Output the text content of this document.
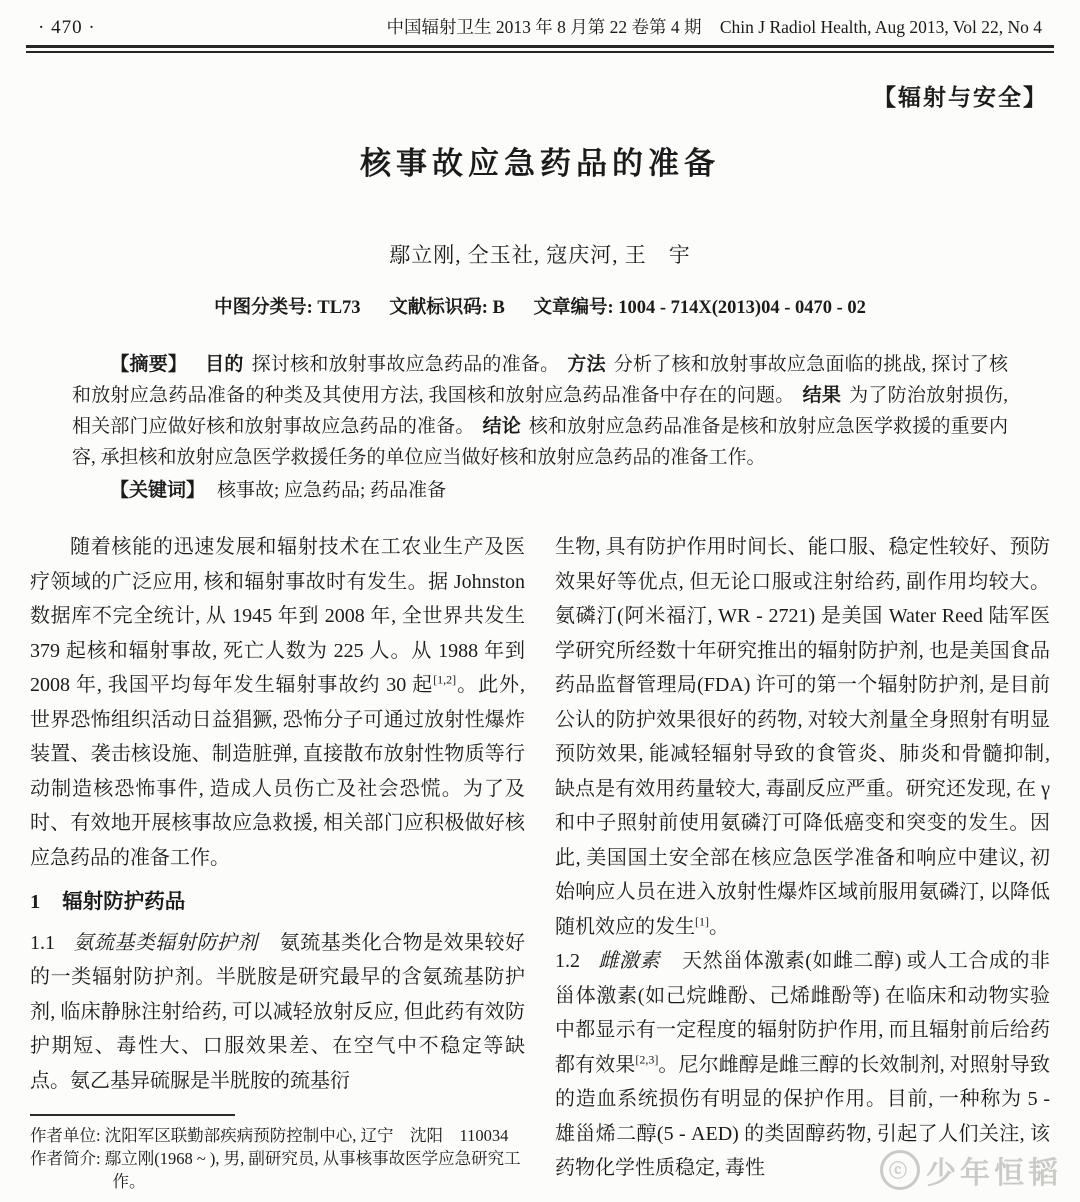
· 470 ·	中国辐射卫生 2013 年 8 月第 22 卷第 4 期 Chin J Radiol Health, Aug 2013, Vol 22, No 4
【辐射与安全】
核事故应急药品的准备
鄢立刚, 仝玉社, 寇庆河, 王　宇
中图分类号: TL73 文献标识码: B 文章编号: 1004 - 714X(2013)04 - 0470 - 02
  【摘要】 目的 探讨核和放射事故应急药品的准备。 方法 分析了核和放射事故应急面临的挑战, 探讨了核和放射应急药品准备的种类及其使用方法, 我国核和放射应急药品准备中存在的问题。 结果 为了防治放射损伤, 相关部门应做好核和放射事故应急药品的准备。 结论 核和放射应急药品准备是核和放射应急医学救援的重要内容, 承担核和放射应急医学救援任务的单位应当做好核和放射应急药品的准备工作。
【关键词】 核事故; 应急药品; 药品准备

随着核能的迅速发展和辐射技术在工农业生产及医疗领域的广泛应用, 核和辐射事故时有发生。据 Johnston 数据库不完全统计, 从 1945 年到 2008 年, 全世界共发生 379 起核和辐射事故, 死亡人数为 225 人。从 1988 年到 2008 年, 我国平均每年发生辐射事故约 30 起[1,2]。此外, 世界恐怖组织活动日益猖獗, 恐怖分子可通过放射性爆炸装置、袭击核设施、制造脏弹, 直接散布放射性物质等行动制造核恐怖事件, 造成人员伤亡及社会恐慌。为了及时、有效地开展核事故应急救援, 相关部门应积极做好核应急药品的准备工作。

1 辐射防护药品

1.1 氨巯基类辐射防护剂 氨巯基类化合物是效果较好的一类辐射防护剂。半胱胺是研究最早的含氨巯基防护剂, 临床静脉注射给药, 可以减轻放射反应, 但此药有效防护期短、毒性大、口服效果差、在空气中不稳定等缺点。氨乙基异硫脲是半胱胺的巯基衍

作者单位: 沈阳军区联勤部疾病预防控制中心, 辽宁　沈阳　110034
作者简介: 鄢立刚(1968 ~ ), 男, 副研究员, 从事核事故医学应急研究工作。

生物, 具有防护作用时间长、能口服、稳定性较好、预防效果好等优点, 但无论口服或注射给药, 副作用均较大。氨磷汀(阿米福汀, WR - 2721) 是美国 Water Reed 陆军医学研究所经数十年研究推出的辐射防护剂, 也是美国食品药品监督管理局(FDA) 许可的第一个辐射防护剂, 是目前公认的防护效果很好的药物, 对较大剂量全身照射有明显预防效果, 能减轻辐射导致的食管炎、肺炎和骨髓抑制, 缺点是有效用药量较大, 毒副反应严重。研究还发现, 在 γ 和中子照射前使用氨磷汀可降低癌变和突变的发生。因此, 美国国土安全部在核应急医学准备和响应中建议, 初始响应人员在进入放射性爆炸区域前服用氨磷汀, 以降低随机效应的发生[1]。

1.2 雌激素 天然甾体激素(如雌二醇) 或人工合成的非甾体激素(如己烷雌酚、己烯雌酚等) 在临床和动物实验中都显示有一定程度的辐射防护作用, 而且辐射前后给药都有效果[2,3]。尼尔雌醇是雌三醇的长效制剂, 对照射导致的造血系统损伤有明显的保护作用。目前, 一种称为 5 - 雄甾烯二醇(5 - AED) 的类固醇药物, 引起了人们关注, 该药物化学性质稳定, 毒性	ⓒ 少年恒韬
